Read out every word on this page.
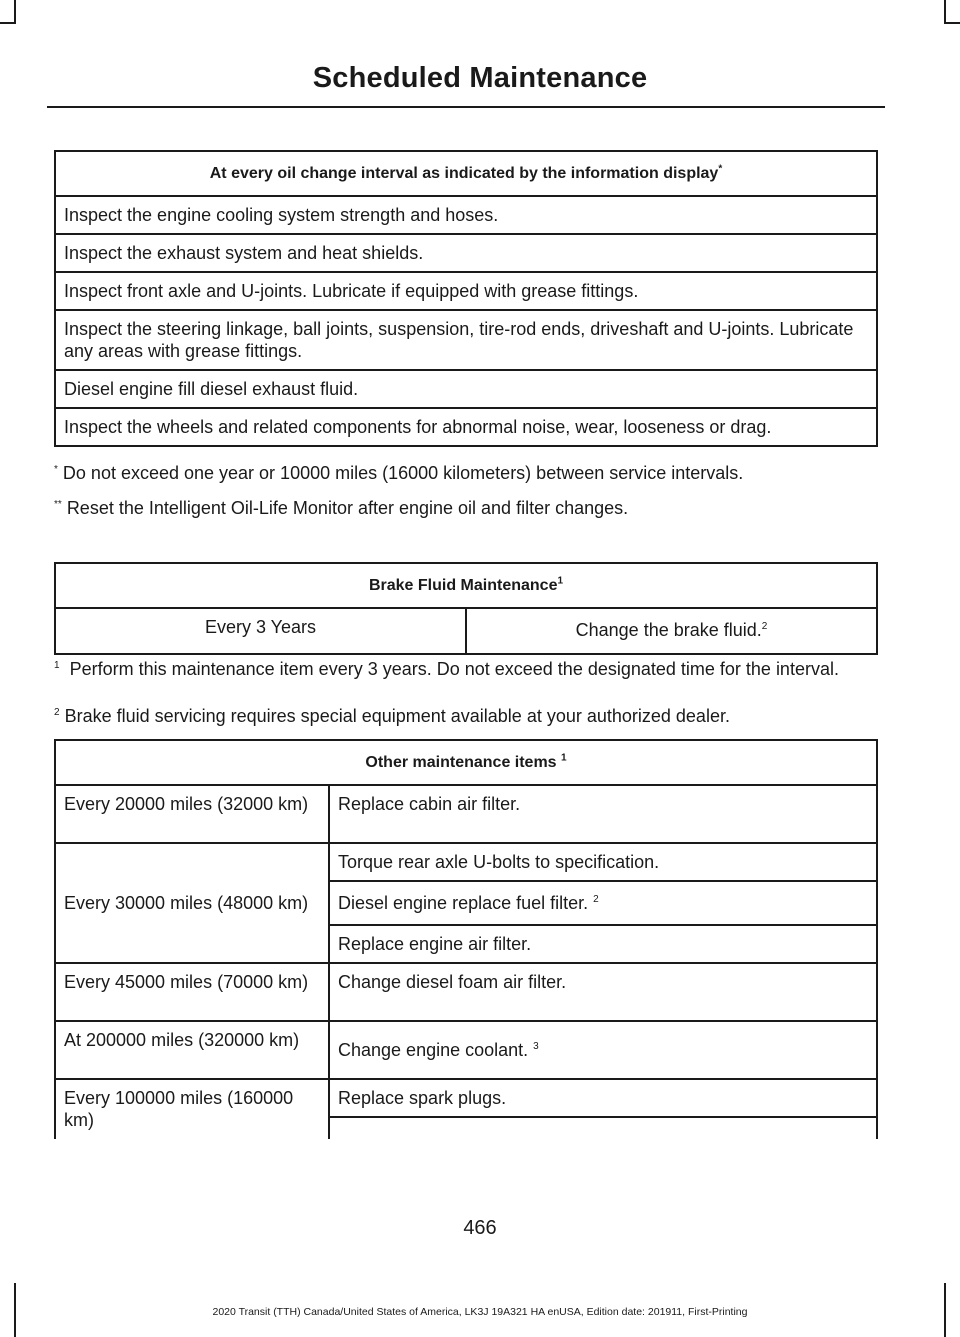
Scheduled Maintenance
At every oil change interval as indicated by the information display*
Inspect the engine cooling system strength and hoses.
Inspect the exhaust system and heat shields.
Inspect front axle and U-joints. Lubricate if equipped with grease fittings.
Inspect the steering linkage, ball joints, suspension, tire-rod ends, driveshaft and U-joints. Lubricate any areas with grease fittings.
Diesel engine fill diesel exhaust fluid.
Inspect the wheels and related components for abnormal noise, wear, looseness or drag.
* Do not exceed one year or 10000 miles (16000 kilometers) between service intervals.
** Reset the Intelligent Oil-Life Monitor after engine oil and filter changes.
Brake Fluid Maintenance$^1$
Every 3 Years	Change the brake fluid.$^2$
$^1$ Perform this maintenance item every 3 years. Do not exceed the designated time for the interval.
$^2$ Brake fluid servicing requires special equipment available at your authorized dealer.
Other maintenance items $^1$
Every 20000 miles (32000 km)	Replace cabin air filter.
Every 30000 miles (48000 km)	Torque rear axle U-bolts to specification.
	Diesel engine replace fuel filter. $^2$
	Replace engine air filter.
Every 45000 miles (70000 km)	Change diesel foam air filter.
At 200000 miles (320000 km)	Change engine coolant. $^3$
Every 100000 miles (160000 km)	Replace spark plugs.

466
2020 Transit (TTH) Canada/United States of America, LK3J 19A321 HA enUSA, Edition date: 201911, First-Printing
